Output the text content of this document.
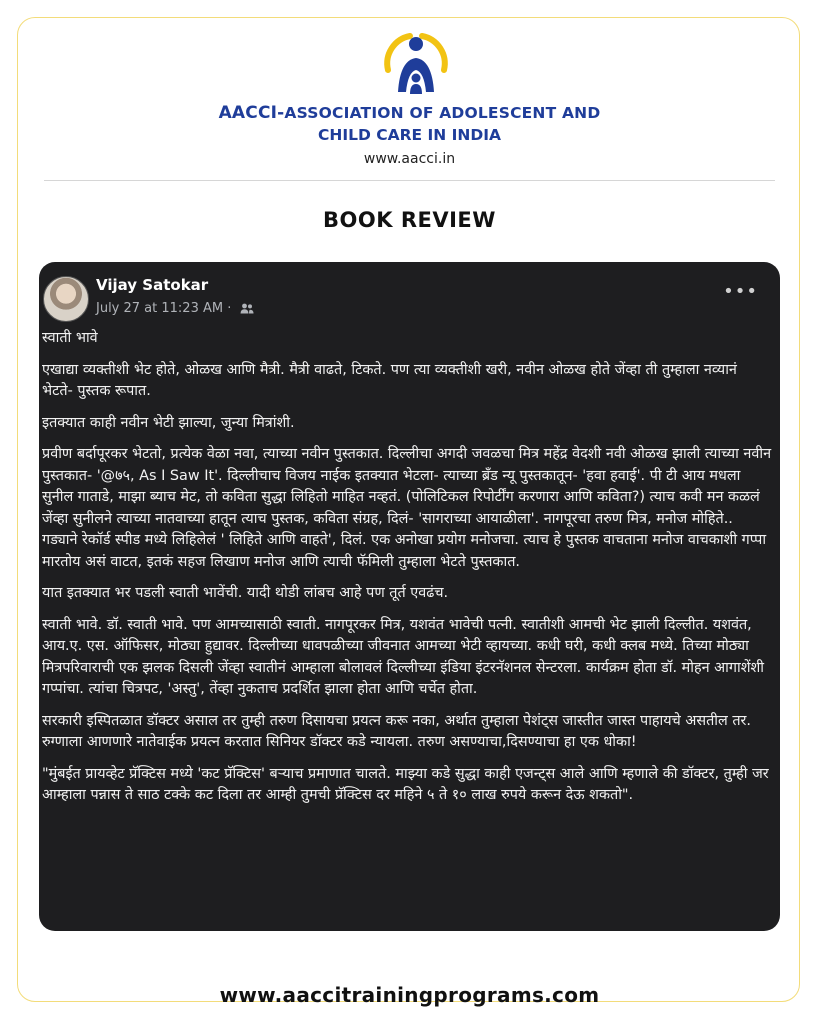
AACCI-ASSOCIATION OF ADOLESCENT AND
CHILD CARE IN INDIA
www.aacci.in
BOOK REVIEW
Vijay Satokar
July 27 at 11:23 AM ·
•••

स्वाती भावे

एखाद्या व्यक्तीशी भेट होते, ओळख आणि मैत्री. मैत्री वाढते, टिकते. पण त्या व्यक्तीशी खरी, नवीन ओळख होते जेंव्हा ती तुम्हाला नव्यानं भेटते- पुस्तक रूपात.

इतक्यात काही नवीन भेटी झाल्या, जुन्या मित्रांशी.

प्रवीण बर्दापूरकर भेटतो, प्रत्येक वेळा नवा, त्याच्या नवीन पुस्तकात. दिल्लीचा अगदी जवळचा मित्र महेंद्र वेदशी नवी ओळख झाली त्याच्या नवीन पुस्तकात- '@७५, As I Saw It'. दिल्लीचाच विजय नाईक इतक्यात भेटला- त्याच्या ब्रँड न्यू पुस्तकातून- 'हवा हवाई'. पी टी आय मधला सुनील गाताडे, माझा ब्याच मेट, तो कविता सुद्धा लिहितो माहित नव्हतं. (पोलिटिकल रिपोर्टींग करणारा आणि कविता?) त्याच कवी मन कळलं जेंव्हा सुनीलने त्याच्या नातवाच्या हातून त्याच पुस्तक, कविता संग्रह, दिलं- 'सागराच्या आयाळीला'. नागपूरचा तरुण मित्र, मनोज मोहिते.. गड्याने रेकॉर्ड स्पीड मध्ये लिहिलेलं ' लिहिते आणि वाहते', दिलं. एक अनोखा प्रयोग मनोजचा. त्याच हे पुस्तक वाचताना मनोज वाचकाशी गप्पा मारतोय असं वाटत, इतकं सहज लिखाण मनोज आणि त्याची फॅमिली तुम्हाला भेटते पुस्तकात.

यात इतक्यात भर पडली स्वाती भावेंची. यादी थोडी लांबच आहे पण तूर्त एवढंच.

स्वाती भावे. डॉ. स्वाती भावे. पण आमच्यासाठी स्वाती. नागपूरकर मित्र, यशवंत भावेची पत्नी. स्वातीशी आमची भेट झाली दिल्लीत. यशवंत, आय.ए. एस. ऑफिसर, मोठ्या हुद्यावर. दिल्लीच्या धावपळीच्या जीवनात आमच्या भेटी व्हायच्या. कधी घरी, कधी क्लब मध्ये. तिच्या मोठ्या मित्रपरिवाराची एक झलक दिसली जेंव्हा स्वातीनं आम्हाला बोलावलं दिल्लीच्या इंडिया इंटरनॅशनल सेन्टरला. कार्यक्रम होता डॉ. मोहन आगाशेंशी गप्पांचा. त्यांचा चित्रपट, 'अस्तु', तेंव्हा नुकताच प्रदर्शित झाला होता आणि चर्चेत होता.

सरकारी इस्पितळात डॉक्टर असाल तर तुम्ही तरुण दिसायचा प्रयत्न करू नका, अर्थात तुम्हाला पेशंट्स जास्तीत जास्त पाहायचे असतील तर. रुग्णाला आणणारे नातेवाईक प्रयत्न करतात सिनियर डॉक्टर कडे न्यायला. तरुण असण्याचा,दिसण्याचा हा एक धोका!

"मुंबईत प्रायव्हेट प्रॅक्टिस मध्ये 'कट प्रॅक्टिस' बऱ्याच प्रमाणात चालते. माझ्या कडे सुद्धा काही एजन्ट्स आले आणि म्हणाले की डॉक्टर, तुम्ही जर आम्हाला पन्नास ते साठ टक्के कट दिला तर आम्ही तुमची प्रॅक्टिस दर महिने ५ ते १० लाख रुपये करून देऊ शकतो".

www.aaccitrainingprograms.com
